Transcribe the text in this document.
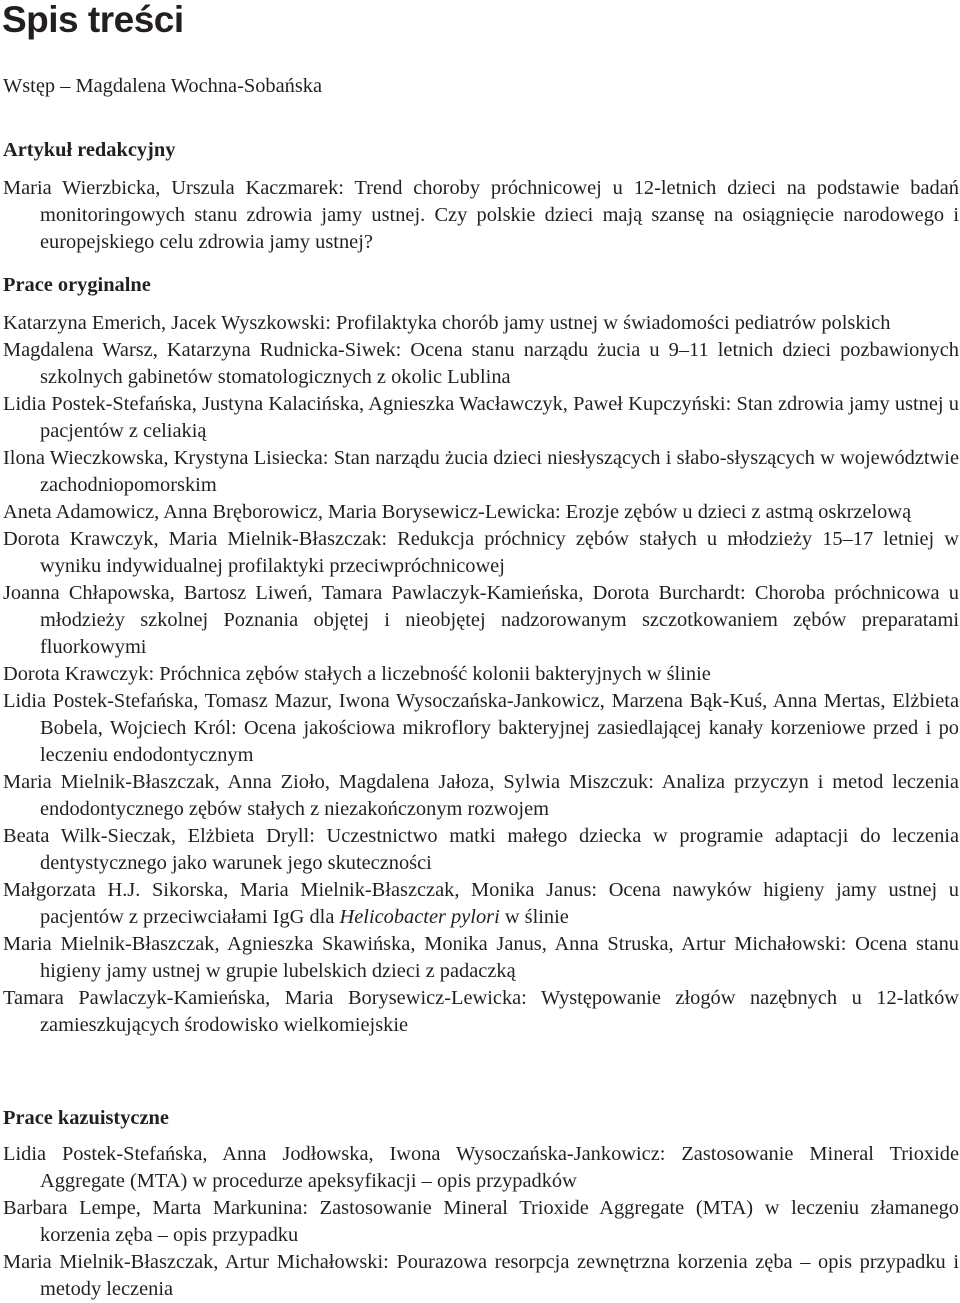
Spis treści
Wstęp – Magdalena Wochna-Sobańska
Artykuł redakcyjny
Maria Wierzbicka, Urszula Kaczmarek: Trend choroby próchnicowej u 12-letnich dzieci na podstawie badań monitoringowych stanu zdrowia jamy ustnej. Czy polskie dzieci mają szansę na osiągnięcie narodowego i europejskiego celu zdrowia jamy ustnej?
Prace oryginalne
Katarzyna Emerich, Jacek Wyszkowski: Profilaktyka chorób jamy ustnej w świadomości pediatrów polskich
Magdalena Warsz, Katarzyna Rudnicka-Siwek: Ocena stanu narządu żucia u 9–11 letnich dzieci pozbawionych szkolnych gabinetów stomatologicznych z okolic Lublina
Lidia Postek-Stefańska, Justyna Kalacińska, Agnieszka Wacławczyk, Paweł Kupczyński: Stan zdrowia jamy ustnej u pacjentów z celiakią
Ilona Wieczkowska, Krystyna Lisiecka: Stan narządu żucia dzieci niesłyszących i słabo-słyszących w województwie zachodniopomorskim
Aneta Adamowicz, Anna Bręborowicz, Maria Borysewicz-Lewicka: Erozje zębów u dzieci z astmą oskrzelową
Dorota Krawczyk, Maria Mielnik-Błaszczak: Redukcja próchnicy zębów stałych u młodzieży 15–17 letniej w wyniku indywidualnej profilaktyki przeciwpróchnicowej
Joanna Chłapowska, Bartosz Liweń, Tamara Pawlaczyk-Kamieńska, Dorota Burchardt: Choroba próchnicowa u młodzieży szkolnej Poznania objętej i nieobjętej nadzorowanym szczotkowaniem zębów preparatami fluorkowymi
Dorota Krawczyk: Próchnica zębów stałych a liczebność kolonii bakteryjnych w ślinie
Lidia Postek-Stefańska, Tomasz Mazur, Iwona Wysoczańska-Jankowicz, Marzena Bąk-Kuś, Anna Mertas, Elżbieta Bobela, Wojciech Król: Ocena jakościowa mikroflory bakteryjnej zasiedlającej kanały korzeniowe przed i po leczeniu endodontycznym
Maria Mielnik-Błaszczak, Anna Zioło, Magdalena Jałoza, Sylwia Miszczuk: Analiza przyczyn i metod leczenia endodontycznego zębów stałych z niezakończonym rozwojem
Beata Wilk-Sieczak, Elżbieta Dryll: Uczestnictwo matki małego dziecka w programie adaptacji do leczenia dentystycznego jako warunek jego skuteczności
Małgorzata H.J. Sikorska, Maria Mielnik-Błaszczak, Monika Janus: Ocena nawyków higieny jamy ustnej u pacjentów z przeciwciałami IgG dla Helicobacter pylori w ślinie
Maria Mielnik-Błaszczak, Agnieszka Skawińska, Monika Janus, Anna Struska, Artur Michałowski: Ocena stanu higieny jamy ustnej w grupie lubelskich dzieci z padaczką
Tamara Pawlaczyk-Kamieńska, Maria Borysewicz-Lewicka: Występowanie złogów nazębnych u 12-​latków zamieszkujących środowisko wielkomiejskie
Prace kazuistyczne
Lidia Postek-Stefańska, Anna Jodłowska, Iwona Wysoczańska-Jankowicz: Zastosowanie Mineral Trioxide Aggregate (MTA) w procedurze apeksyfikacji – opis przypadków
Barbara Lempe, Marta Markunina: Zastosowanie Mineral Trioxide Aggregate (MTA) w leczeniu złamanego korzenia zęba – opis przypadku
Maria Mielnik-Błaszczak, Artur Michałowski: Pourazowa resorpcja zewnętrzna korzenia zęba – opis przypadku i metody leczenia
